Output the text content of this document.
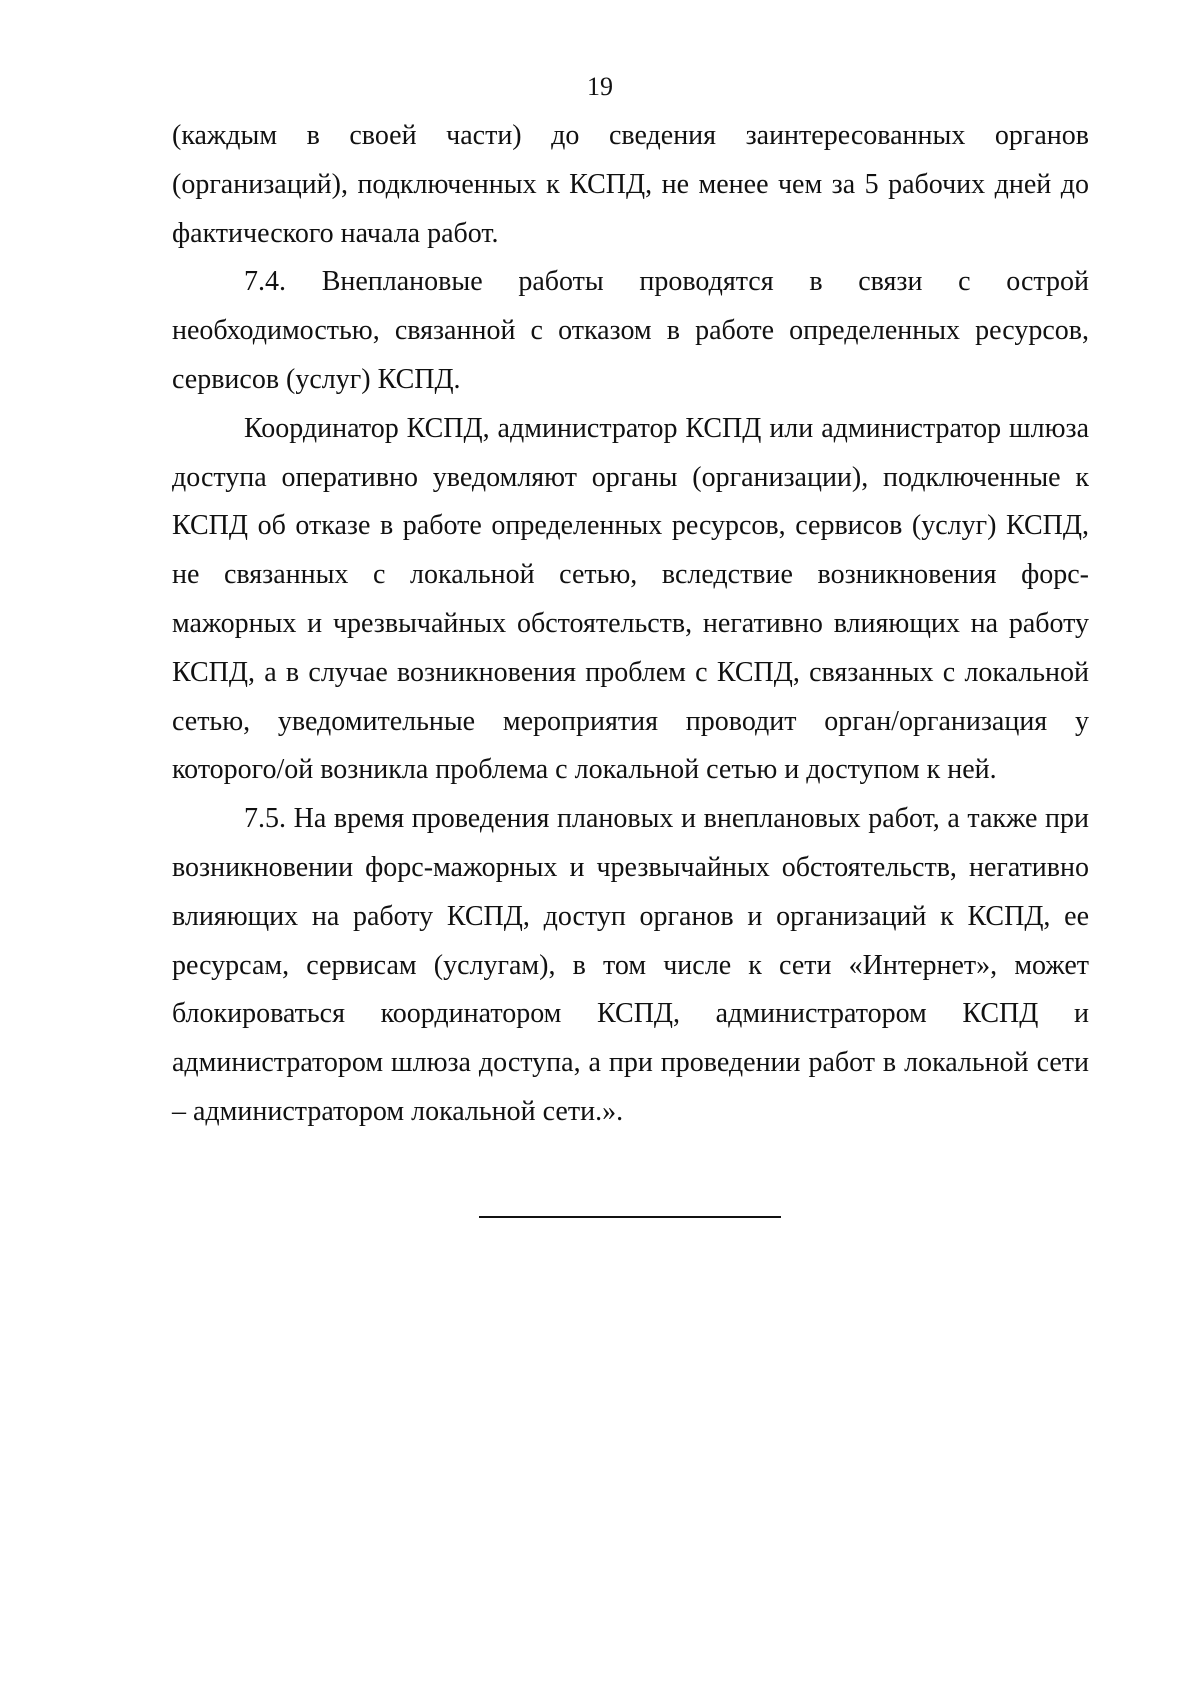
19

(каждым в своей части) до сведения заинтересованных органов (организаций), подключенных к КСПД, не менее чем за 5 рабочих дней до фактического начала работ.

7.4. Внеплановые работы проводятся в связи с острой необходимостью, связанной с отказом в работе определенных ресурсов, сервисов (услуг) КСПД.

Координатор КСПД, администратор КСПД или администратор шлюза доступа оперативно уведомляют органы (организации), подключенные к КСПД об отказе в работе определенных ресурсов, сервисов (услуг) КСПД, не связанных с локальной сетью, вследствие возникновения форс-мажорных и чрезвычайных обстоятельств, негативно влияющих на работу КСПД, а в случае возникновения проблем с КСПД, связанных с локальной сетью, уведомительные мероприятия проводит орган/организация у которого/ой возникла проблема с локальной сетью и доступом к ней.

7.5. На время проведения плановых и внеплановых работ, а также при возникновении форс-мажорных и чрезвычайных обстоятельств, негативно влияющих на работу КСПД, доступ органов и организаций к КСПД, ее ресурсам, сервисам (услугам), в том числе к сети «Интернет», может блокироваться координатором КСПД, администратором КСПД и администратором шлюза доступа, а при проведении работ в локальной сети – администратором локальной сети.».
